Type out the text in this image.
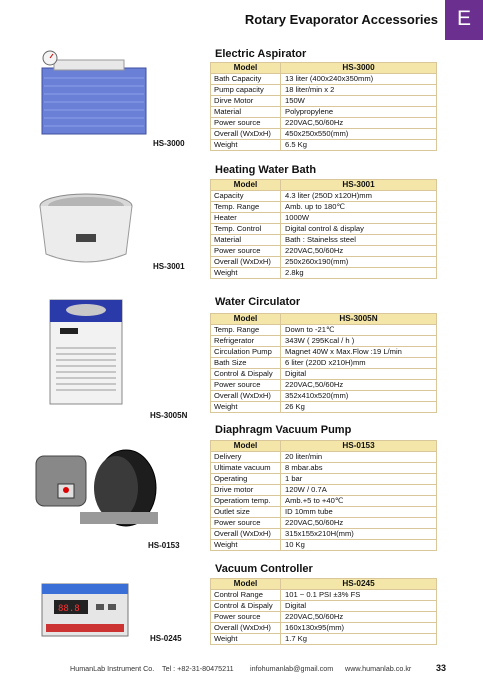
Rotary Evaporator Accessories E
Electric Aspirator
HS-3000
Model	HS-3000
Bath Capacity	13 liter (400x240x350mm)
Pump capacity	18 liter/min x 2
Dirve Motor	150W
Material	Polypropylene
Power source	220VAC,50/60Hz
Overall (WxDxH)	450x250x550(mm)
Weight	6.5 Kg
Heating Water Bath
HS-3001
Model	HS-3001
Capacity	4.3 liter (250D x120H)mm
Temp. Range	Amb. up to 180℃
Heater	1000W
Temp. Control	Digital control & display
Material	Bath : Stainelss steel
Power source	220VAC,50/60Hz
Overall (WxDxH)	250x260x190(mm)
Weight	2.8kg
Water Circulator
HS-3005N
Model	HS-3005N
Temp. Range	Down to -21℃
Refrigerator	343W ( 295Kcal / h )
Circulation Pump	Magnet 40W x Max.Flow :19 L/min
Bath Size	6 liter (220D x210H)mm
Control & Dispaly	Digital
Power source	220VAC,50/60Hz
Overall (WxDxH)	352x410x520(mm)
Weight	26 Kg
Diaphragm Vacuum Pump
HS-0153
Model	HS-0153
Delivery	20 liter/min
Ultimate vacuum	8 mbar.abs
Operating	1 bar
Drive motor	120W / 0.7A
Operatiom temp.	Amb.+5 to +40℃
Outlet size	ID 10mm tube
Power source	220VAC,50/60Hz
Overall (WxDxH)	315x155x210H(mm)
Weight	10 Kg
Vacuum Controller
88.8
HS-0245
Model	HS-0245
Control Range	101 ~ 0.1 PSI ±3% FS
Control & Dispaly	Digital
Power source	220VAC,50/60Hz
Overall (WxDxH)	160x130x95(mm)
Weight	1.7 Kg
HumanLab Instrument Co. Tel : +82-31-80475211 infohumanlab@gmail.com www.humanlab.co.kr	33
